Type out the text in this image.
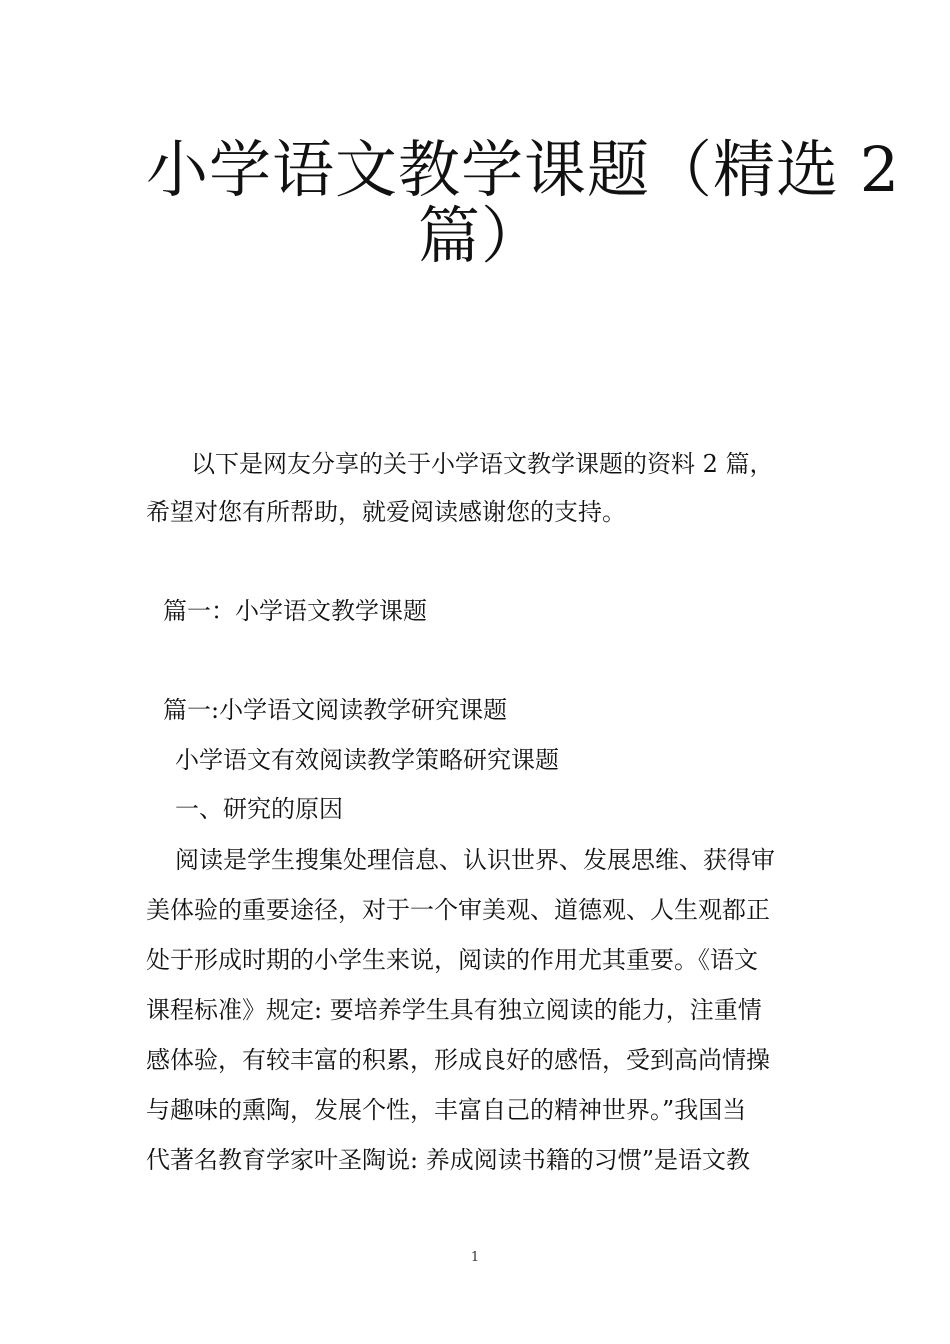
小学语文教学课题（精选 2
篇）
以下是网友分享的关于小学语文教学课题的资料 2 篇，
希望对您有所帮助，就爱阅读感谢您的支持。
篇一：小学语文教学课题
篇一:小学语文阅读教学研究课题
小学语文有效阅读教学策略研究课题
一、研究的原因
阅读是学生搜集处理信息、认识世界、发展思维、获得审
美体验的重要途径，对于一个审美观、道德观、人生观都正
处于形成时期的小学生来说，阅读的作用尤其重要。《语文
课程标准》规定: 要培养学生具有独立阅读的能力，注重情
感体验，有较丰富的积累，形成良好的感悟，受到高尚情操
与趣味的熏陶，发展个性，丰富自己的精神世界。”我国当
代著名教育学家叶圣陶说: 养成阅读书籍的习惯”是语文教
1
